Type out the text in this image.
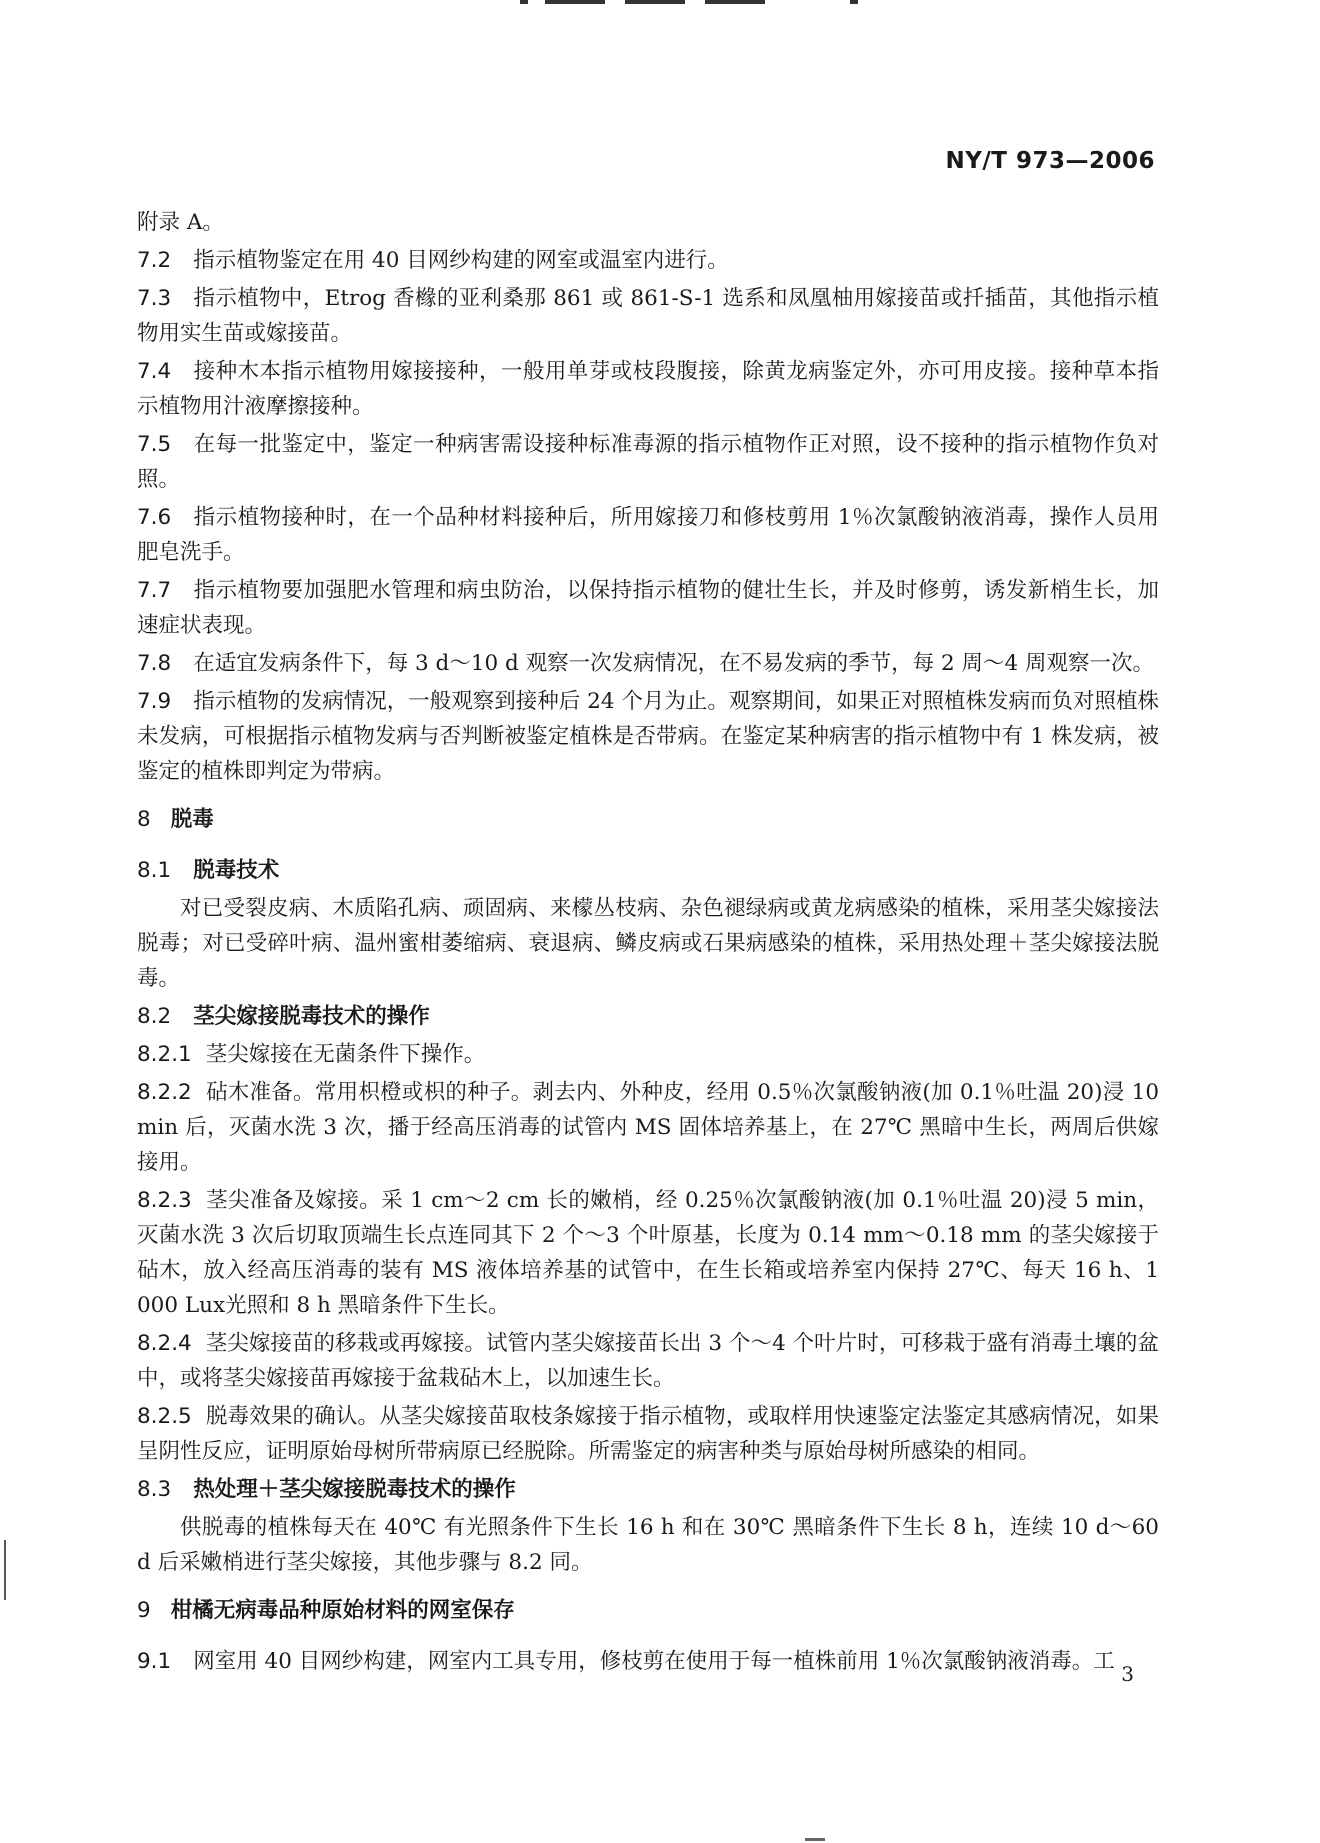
NY/T 973—2006
附录 A。
7.2 指示植物鉴定在用 40 目网纱构建的网室或温室内进行。
7.3 指示植物中，Etrog 香橼的亚利桑那 861 或 861-S-1 选系和凤凰柚用嫁接苗或扦插苗，其他指示植物用实生苗或嫁接苗。
7.4 接种木本指示植物用嫁接接种，一般用单芽或枝段腹接，除黄龙病鉴定外，亦可用皮接。接种草本指示植物用汁液摩擦接种。
7.5 在每一批鉴定中，鉴定一种病害需设接种标准毒源的指示植物作正对照，设不接种的指示植物作负对照。
7.6 指示植物接种时，在一个品种材料接种后，所用嫁接刀和修枝剪用 1％次氯酸钠液消毒，操作人员用肥皂洗手。
7.7 指示植物要加强肥水管理和病虫防治，以保持指示植物的健壮生长，并及时修剪，诱发新梢生长，加速症状表现。
7.8 在适宜发病条件下，每 3 d～10 d 观察一次发病情况，在不易发病的季节，每 2 周～4 周观察一次。
7.9 指示植物的发病情况，一般观察到接种后 24 个月为止。观察期间，如果正对照植株发病而负对照植株未发病，可根据指示植物发病与否判断被鉴定植株是否带病。在鉴定某种病害的指示植物中有 1 株发病，被鉴定的植株即判定为带病。
8 脱毒
8.1 脱毒技术
对已受裂皮病、木质陷孔病、顽固病、来檬丛枝病、杂色褪绿病或黄龙病感染的植株，采用茎尖嫁接法脱毒；对已受碎叶病、温州蜜柑萎缩病、衰退病、鳞皮病或石果病感染的植株，采用热处理＋茎尖嫁接法脱毒。
8.2 茎尖嫁接脱毒技术的操作
8.2.1 茎尖嫁接在无菌条件下操作。
8.2.2 砧木准备。常用枳橙或枳的种子。剥去内、外种皮，经用 0.5％次氯酸钠液(加 0.1％吐温 20)浸 10 min 后，灭菌水洗 3 次，播于经高压消毒的试管内 MS 固体培养基上，在 27℃ 黑暗中生长，两周后供嫁接用。
8.2.3 茎尖准备及嫁接。采 1 cm～2 cm 长的嫩梢，经 0.25％次氯酸钠液(加 0.1％吐温 20)浸 5 min，灭菌水洗 3 次后切取顶端生长点连同其下 2 个～3 个叶原基，长度为 0.14 mm～0.18 mm 的茎尖嫁接于砧木，放入经高压消毒的装有 MS 液体培养基的试管中，在生长箱或培养室内保持 27℃、每天 16 h、1 000 Lux光照和 8 h 黑暗条件下生长。
8.2.4 茎尖嫁接苗的移栽或再嫁接。试管内茎尖嫁接苗长出 3 个～4 个叶片时，可移栽于盛有消毒土壤的盆中，或将茎尖嫁接苗再嫁接于盆栽砧木上，以加速生长。
8.2.5 脱毒效果的确认。从茎尖嫁接苗取枝条嫁接于指示植物，或取样用快速鉴定法鉴定其感病情况，如果呈阴性反应，证明原始母树所带病原已经脱除。所需鉴定的病害种类与原始母树所感染的相同。
8.3 热处理＋茎尖嫁接脱毒技术的操作
供脱毒的植株每天在 40℃ 有光照条件下生长 16 h 和在 30℃ 黑暗条件下生长 8 h，连续 10 d～60 d 后采嫩梢进行茎尖嫁接，其他步骤与 8.2 同。
9 柑橘无病毒品种原始材料的网室保存
9.1 网室用 40 目网纱构建，网室内工具专用，修枝剪在使用于每一植株前用 1％次氯酸钠液消毒。工 3
